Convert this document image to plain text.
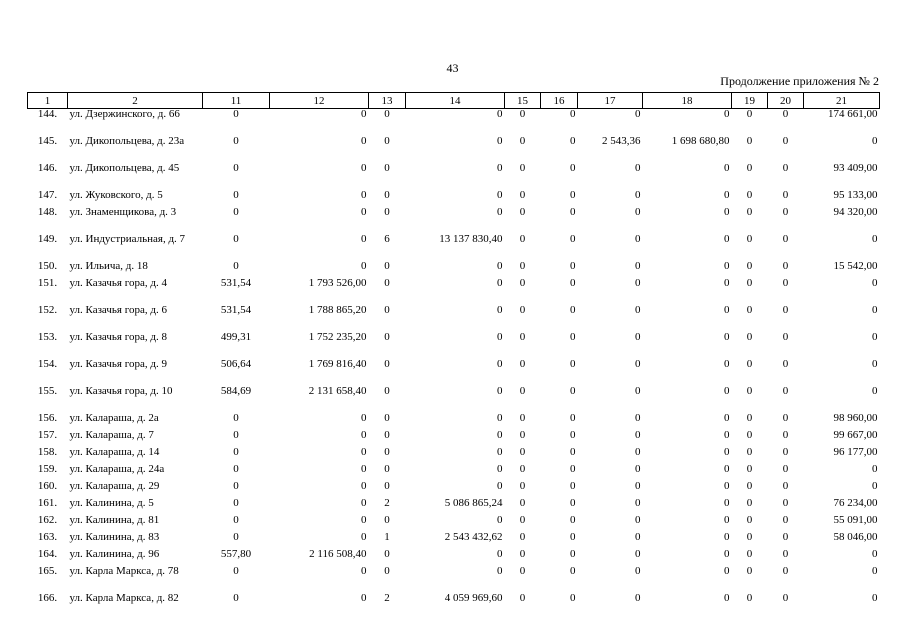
43
Продолжение приложения № 2
1	2	11	12	13	14	15	16	17	18	19	20	21
144.	ул. Дзержинского, д. 66	0	0	0	0	0	0	0	0	0	0	174 661,00
145.	ул. Дикопольцева, д. 23а	0	0	0	0	0	0	2 543,36	1 698 680,80	0	0	0
146.	ул. Дикопольцева, д. 45	0	0	0	0	0	0	0	0	0	0	93 409,00
147.	ул. Жуковского, д. 5	0	0	0	0	0	0	0	0	0	0	95 133,00
148.	ул. Знаменщикова, д. 3	0	0	0	0	0	0	0	0	0	0	94 320,00
149.	ул. Индустриальная, д. 7	0	0	6	13 137 830,40	0	0	0	0	0	0	0
150.	ул. Ильича, д. 18	0	0	0	0	0	0	0	0	0	0	15 542,00
151.	ул. Казачья гора, д. 4	531,54	1 793 526,00	0	0	0	0	0	0	0	0	0
152.	ул. Казачья гора, д. 6	531,54	1 788 865,20	0	0	0	0	0	0	0	0	0
153.	ул. Казачья гора, д. 8	499,31	1 752 235,20	0	0	0	0	0	0	0	0	0
154.	ул. Казачья гора, д. 9	506,64	1 769 816,40	0	0	0	0	0	0	0	0	0
155.	ул. Казачья гора, д. 10	584,69	2 131 658,40	0	0	0	0	0	0	0	0	0
156.	ул. Калараша, д. 2а	0	0	0	0	0	0	0	0	0	0	98 960,00
157.	ул. Калараша, д. 7	0	0	0	0	0	0	0	0	0	0	99 667,00
158.	ул. Калараша, д. 14	0	0	0	0	0	0	0	0	0	0	96 177,00
159.	ул. Калараша, д. 24а	0	0	0	0	0	0	0	0	0	0	0
160.	ул. Калараша, д. 29	0	0	0	0	0	0	0	0	0	0	0
161.	ул. Калинина, д. 5	0	0	2	5 086 865,24	0	0	0	0	0	0	76 234,00
162.	ул. Калинина, д. 81	0	0	0	0	0	0	0	0	0	0	55 091,00
163.	ул. Калинина, д. 83	0	0	1	2 543 432,62	0	0	0	0	0	0	58 046,00
164.	ул. Калинина, д. 96	557,80	2 116 508,40	0	0	0	0	0	0	0	0	0
165.	ул. Карла Маркса, д. 78	0	0	0	0	0	0	0	0	0	0	0
166.	ул. Карла Маркса, д. 82	0	0	2	4 059 969,60	0	0	0	0	0	0	0
